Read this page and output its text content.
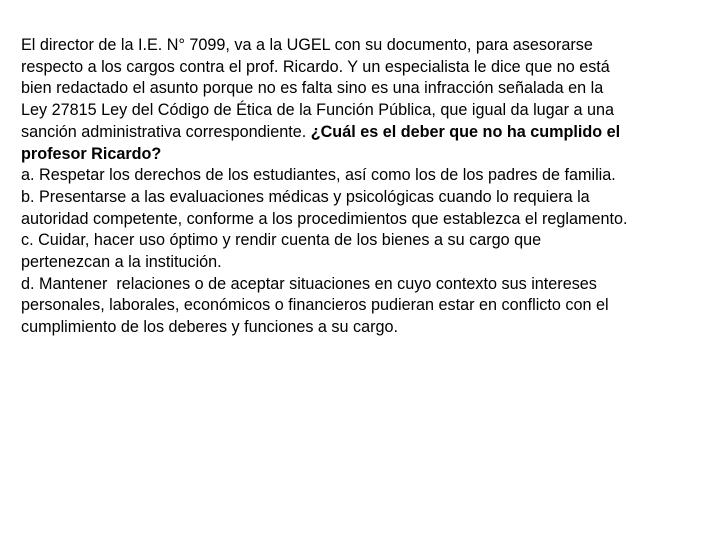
El director de la I.E. N° 7099, va a la UGEL con su documento, para asesorarse
respecto a los cargos contra el prof. Ricardo. Y un especialista le dice que no está
bien redactado el asunto porque no es falta sino es una infracción señalada en la
Ley 27815 Ley del Código de Ética de la Función Pública, que igual da lugar a una
sanción administrativa correspondiente. ¿Cuál es el deber que no ha cumplido el
profesor Ricardo?
a. Respetar los derechos de los estudiantes, así como los de los padres de familia.
b. Presentarse a las evaluaciones médicas y psicológicas cuando lo requiera la
autoridad competente, conforme a los procedimientos que establezca el reglamento.
c. Cuidar, hacer uso óptimo y rendir cuenta de los bienes a su cargo que
pertenezcan a la institución.
d. Mantener  relaciones o de aceptar situaciones en cuyo contexto sus intereses
personales, laborales, económicos o financieros pudieran estar en conflicto con el
cumplimiento de los deberes y funciones a su cargo.
